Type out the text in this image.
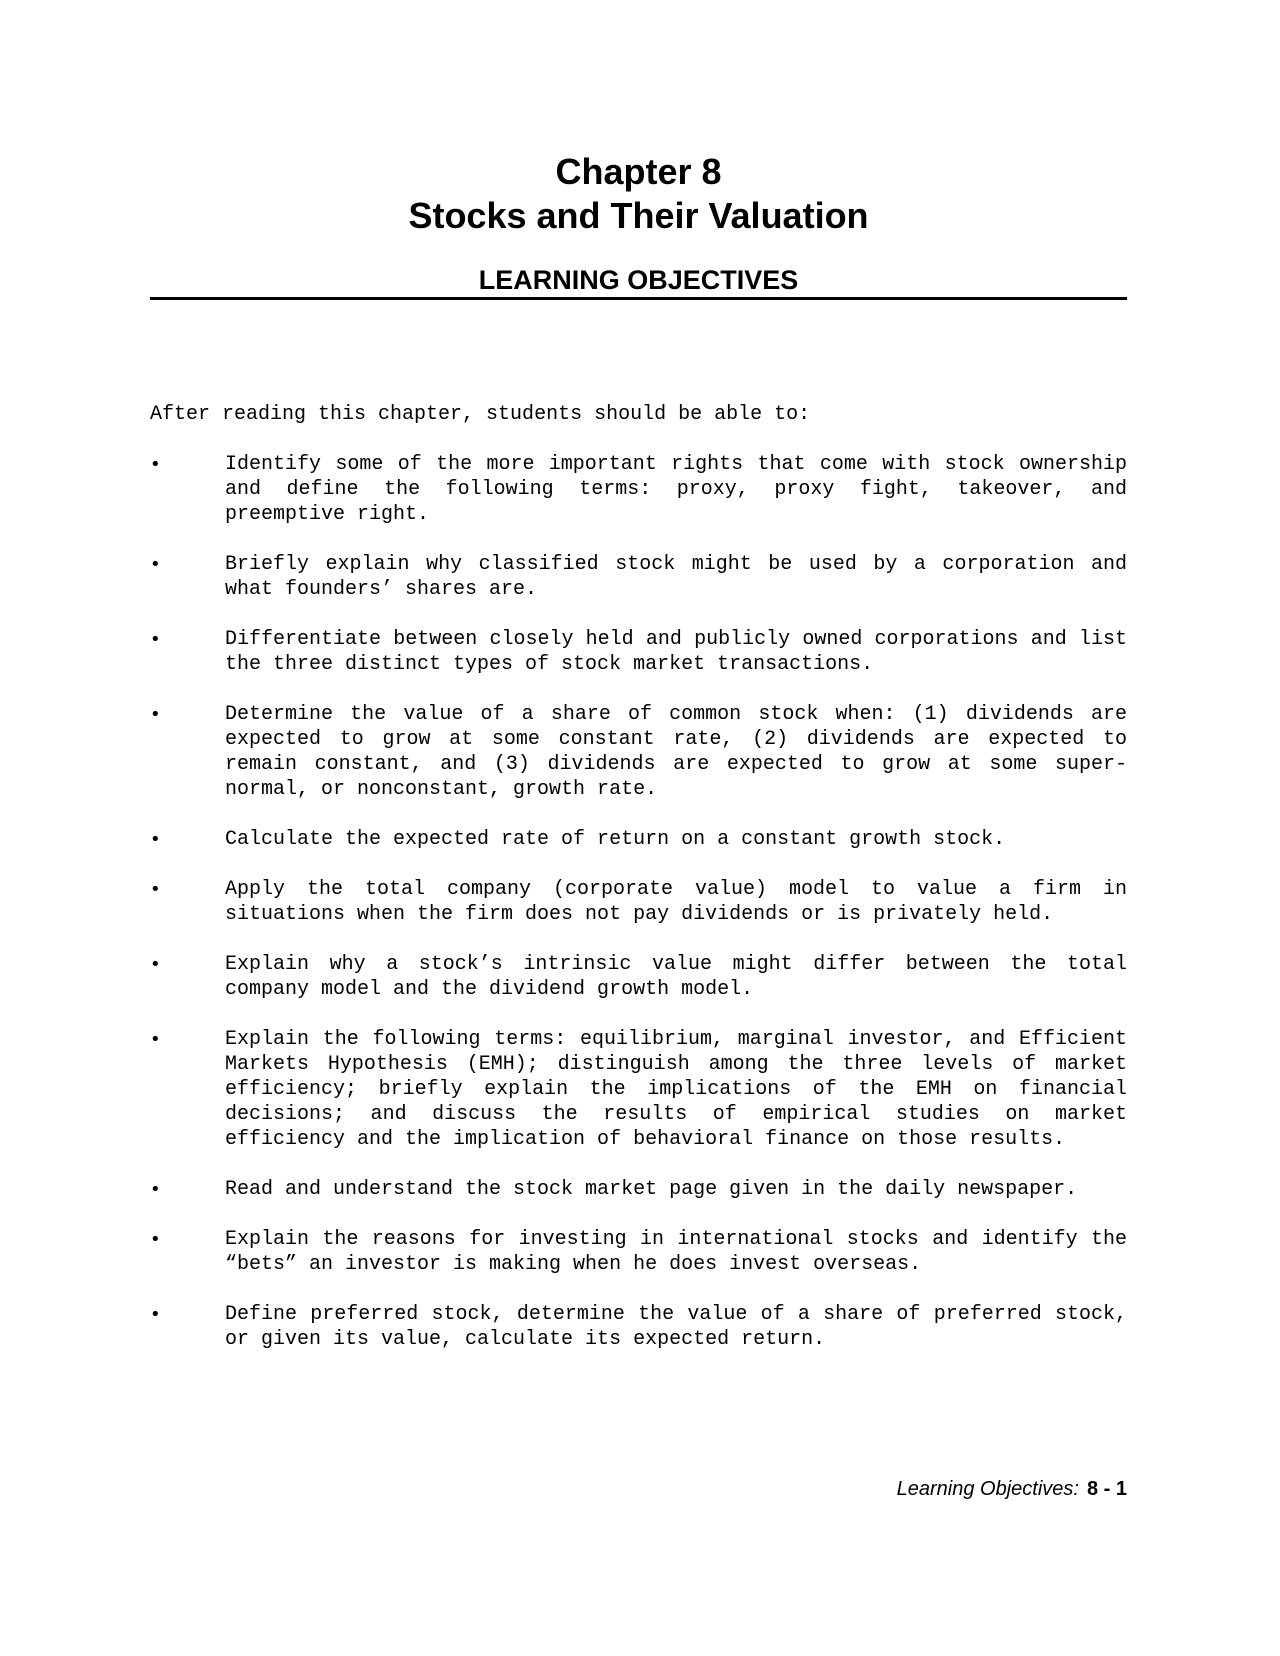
Chapter 8
Stocks and Their Valuation
LEARNING OBJECTIVES
After reading this chapter, students should be able to:
•	Identify some of the more important rights that come with stock ownership and define the following terms: proxy, proxy fight, takeover, and preemptive right.
•	Briefly explain why classified stock might be used by a corporation and what founders’ shares are.
•	Differentiate between closely held and publicly owned corporations and list the three distinct types of stock market transactions.
•	Determine the value of a share of common stock when: (1) dividends are expected to grow at some constant rate, (2) dividends are expected to remain constant, and (3) dividends are expected to grow at some super-normal, or nonconstant, growth rate.
•	Calculate the expected rate of return on a constant growth stock.
•	Apply the total company (corporate value) model to value a firm in situations when the firm does not pay dividends or is privately held.
•	Explain why a stock’s intrinsic value might differ between the total company model and the dividend growth model.
•	Explain the following terms: equilibrium, marginal investor, and Efficient Markets Hypothesis (EMH); distinguish among the three levels of market efficiency; briefly explain the implications of the EMH on financial decisions; and discuss the results of empirical studies on market efficiency and the implication of behavioral finance on those results.
•	Read and understand the stock market page given in the daily newspaper.
•	Explain the reasons for investing in international stocks and identify the “bets” an investor is making when he does invest overseas.
•	Define preferred stock, determine the value of a share of preferred stock, or given its value, calculate its expected return.
Learning Objectives: 8 - 1
